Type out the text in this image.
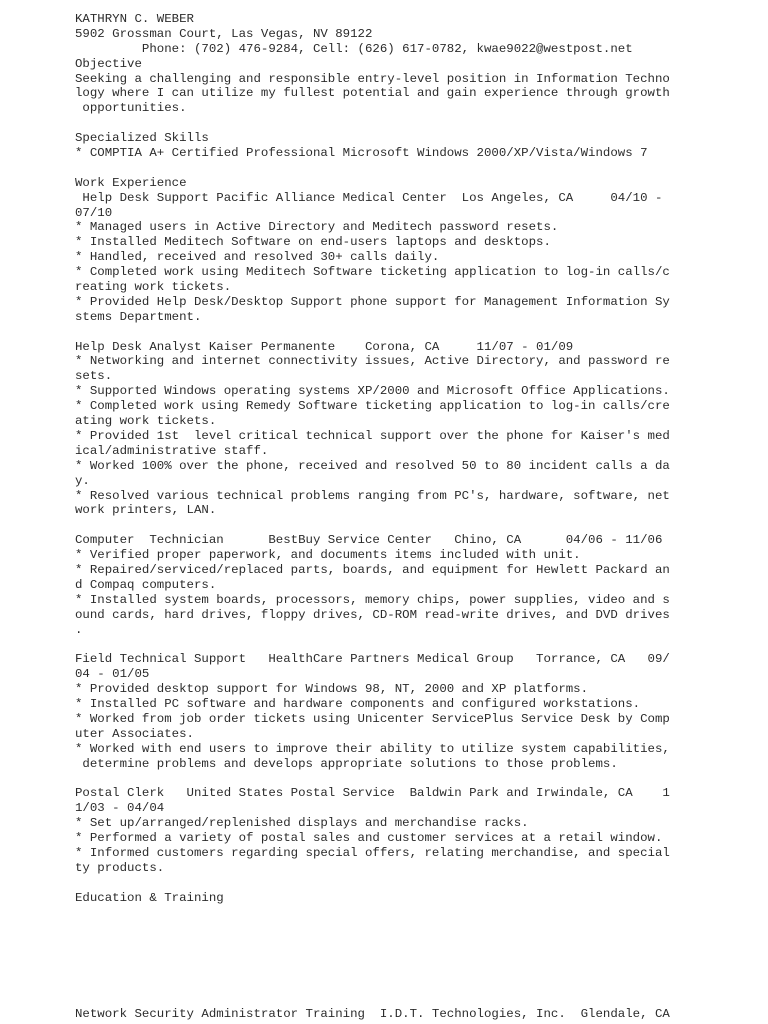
KATHRYN C. WEBER
5902 Grossman Court, Las Vegas, NV 89122
Phone: (702) 476-9284, Cell: (626) 617-0782, kwae9022@westpost.net
Objective
Seeking a challenging and responsible entry-level position in Information Techno
logy where I can utilize my fullest potential and gain experience through growth
opportunities.
Specialized Skills
* COMPTIA A+ Certified Professional Microsoft Windows 2000/XP/Vista/Windows 7
Work Experience
Help Desk Support Pacific Alliance Medical Center  Los Angeles, CA     04/10 -
07/10
* Managed users in Active Directory and Meditech password resets.
* Installed Meditech Software on end-users laptops and desktops.
* Handled, received and resolved 30+ calls daily.
* Completed work using Meditech Software ticketing application to log-in calls/c
reating work tickets.
* Provided Help Desk/Desktop Support phone support for Management Information Sy
stems Department.
Help Desk Analyst Kaiser Permanente    Corona, CA     11/07 - 01/09
* Networking and internet connectivity issues, Active Directory, and password re
sets.
* Supported Windows operating systems XP/2000 and Microsoft Office Applications.
* Completed work using Remedy Software ticketing application to log-in calls/cre
ating work tickets.
* Provided 1st  level critical technical support over the phone for Kaiser's med
ical/administrative staff.
* Worked 100% over the phone, received and resolved 50 to 80 incident calls a da
y.
* Resolved various technical problems ranging from PC's, hardware, software, net
work printers, LAN.
Computer  Technician      BestBuy Service Center   Chino, CA      04/06 - 11/06
* Verified proper paperwork, and documents items included with unit.
* Repaired/serviced/replaced parts, boards, and equipment for Hewlett Packard an
d Compaq computers.
* Installed system boards, processors, memory chips, power supplies, video and s
ound cards, hard drives, floppy drives, CD-ROM read-write drives, and DVD drives
.
Field Technical Support   HealthCare Partners Medical Group   Torrance, CA   09/
04 - 01/05
* Provided desktop support for Windows 98, NT, 2000 and XP platforms.
* Installed PC software and hardware components and configured workstations.
* Worked from job order tickets using Unicenter ServicePlus Service Desk by Comp
uter Associates.
* Worked with end users to improve their ability to utilize system capabilities,
determine problems and develops appropriate solutions to those problems.
Postal Clerk   United States Postal Service  Baldwin Park and Irwindale, CA    1
1/03 - 04/04
* Set up/arranged/replenished displays and merchandise racks.
* Performed a variety of postal sales and customer services at a retail window.
* Informed customers regarding special offers, relating merchandise, and special
ty products.
Education & Training
Network Security Administrator Training  I.D.T. Technologies, Inc.  Glendale, CA
